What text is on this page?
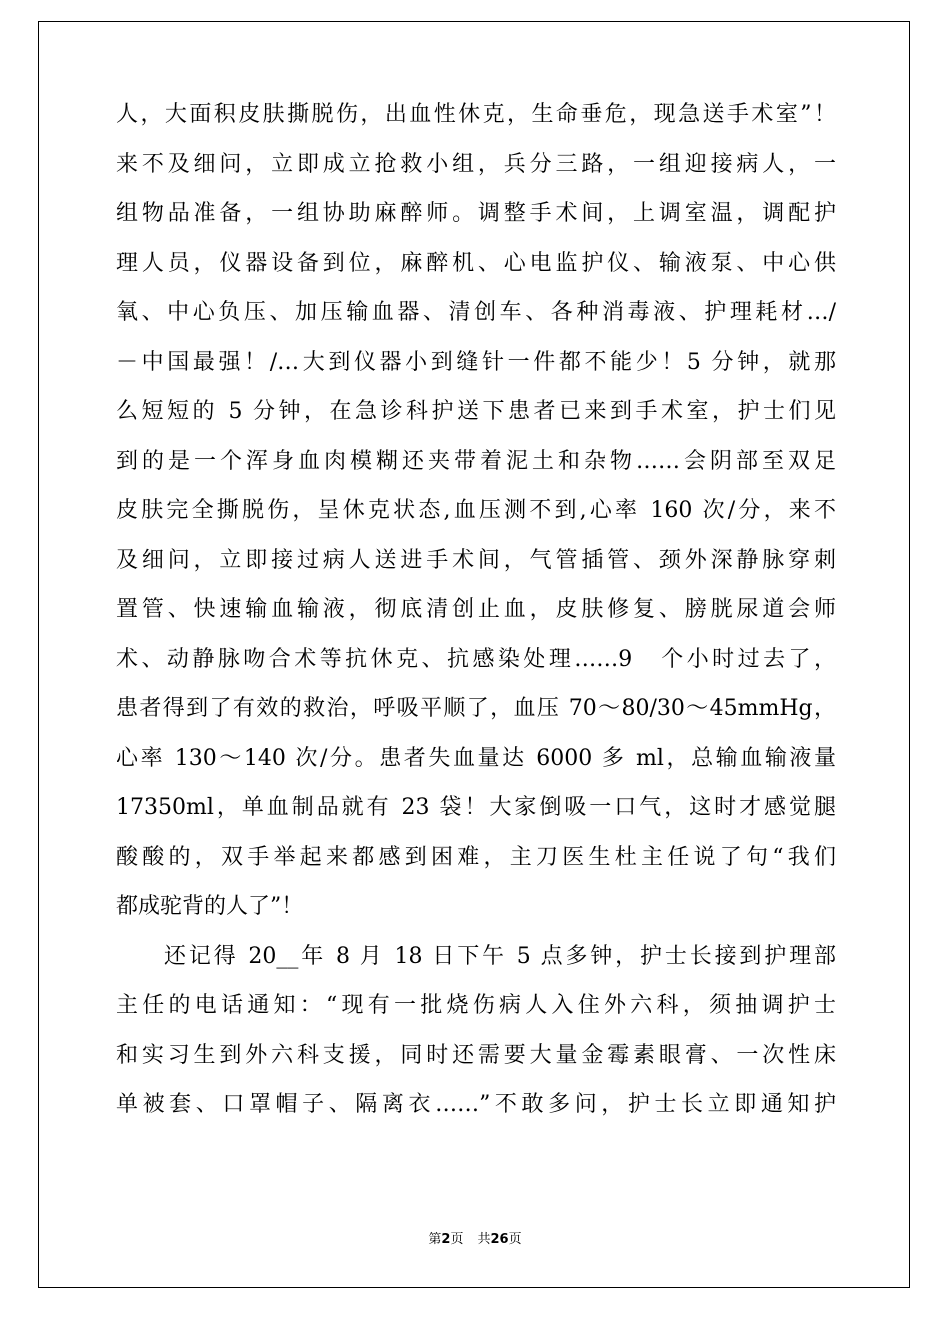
人，大面积皮肤撕脱伤，出血性休克，生命垂危，现急送手术室”！
来不及细问，立即成立抢救小组，兵分三路，一组迎接病人，一
组物品准备，一组协助麻醉师。调整手术间，上调室温，调配护
理人员，仪器设备到位，麻醉机、心电监护仪、输液泵、中心供
氧、中心负压、加压输血器、清创车、各种消毒液、护理耗材…/
－中国最强！/…大到仪器小到缝针一件都不能少！5 分钟，就那
么短短的 5 分钟，在急诊科护送下患者已来到手术室，护士们见
到的是一个浑身血肉模糊还夹带着泥土和杂物……会阴部至双足
皮肤完全撕脱伤，呈休克状态,血压测不到,心率 160 次/分，来不
及细问，立即接过病人送进手术间，气管插管、颈外深静脉穿刺
置管、快速输血输液，彻底清创止血，皮肤修复、膀胱尿道会师
术、动静脉吻合术等抗休克、抗感染处理……9　个小时过去了，
患者得到了有效的救治，呼吸平顺了，血压 70～80/30～45mmHg，
心率 130～140 次/分。患者失血量达 6000 多 ml，总输血输液量
17350ml，单血制品就有 23 袋！大家倒吸一口气，这时才感觉腿
酸酸的，双手举起来都感到困难，主刀医生杜主任说了句“我们
都成驼背的人了”！
还记得 20__年 8 月 18 日下午 5 点多钟，护士长接到护理部
主任的电话通知：“现有一批烧伤病人入住外六科，须抽调护士
和实习生到外六科支援，同时还需要大量金霉素眼膏、一次性床
单被套、口罩帽子、隔离衣……”不敢多问，护士长立即通知护
第2页 共26页
